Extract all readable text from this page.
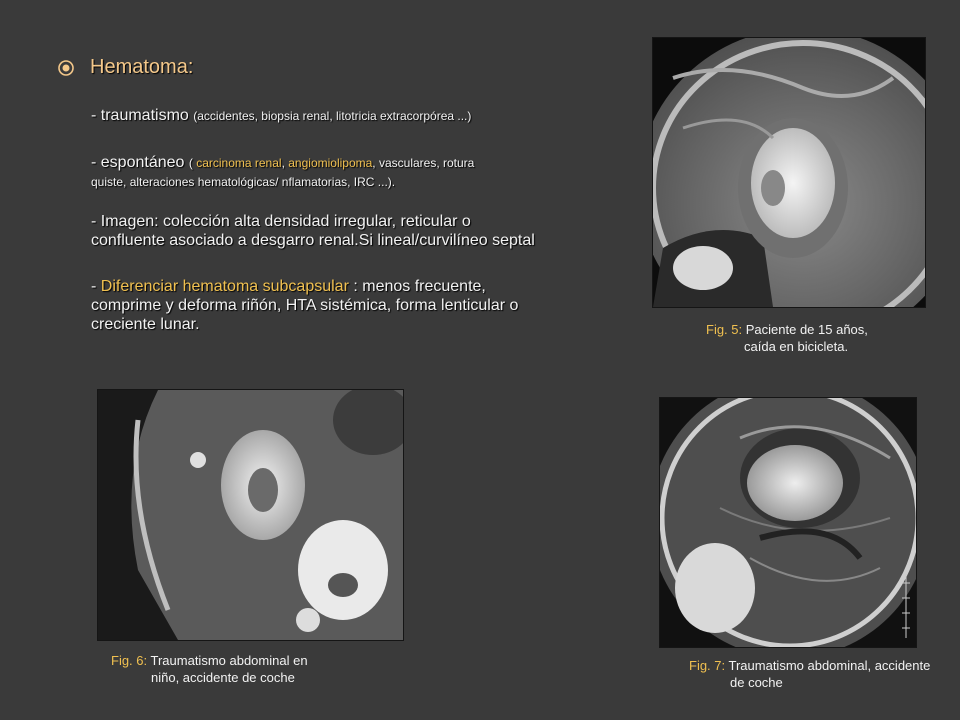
Hematoma:
- traumatismo (accidentes, biopsia renal, litotricia extracorpórea ...)
- espontáneo ( carcinoma renal, angiomiolipoma, vasculares, rotura
quiste, alteraciones hematológicas/ nflamatorias, IRC ...).
- Imagen: colección alta densidad irregular, reticular o
confluente asociado a desgarro renal.Si lineal/curvilíneo septal
- Diferenciar hematoma subcapsular : menos frecuente,
comprime y deforma riñón, HTA sistémica, forma lenticular o
creciente lunar.	Fig. 5: Paciente de 15 años,
caída en bicicleta.
Fig. 6: Traumatismo abdominal en
niño, accidente de coche
Fig. 7: Traumatismo abdominal, accidente
de coche
